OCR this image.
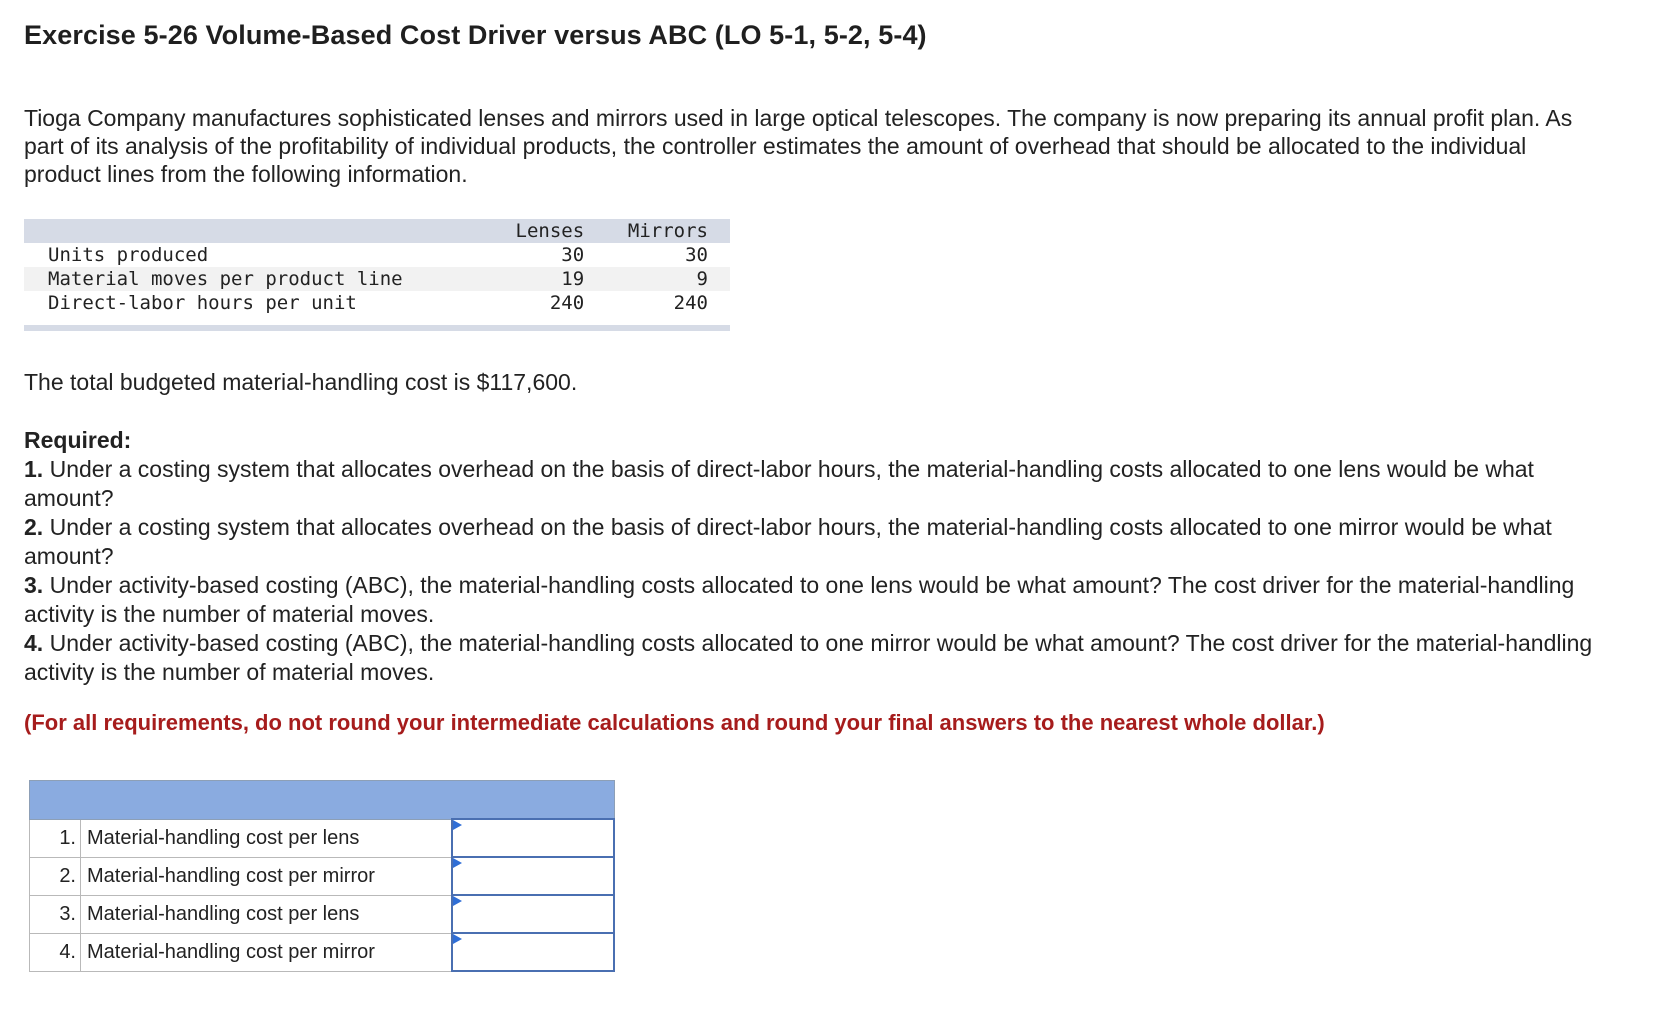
Exercise 5-26 Volume-Based Cost Driver versus ABC (LO 5-1, 5-2, 5-4)
Tioga Company manufactures sophisticated lenses and mirrors used in large optical telescopes. The company is now preparing its annual profit plan. As part of its analysis of the profitability of individual products, the controller estimates the amount of overhead that should be allocated to the individual product lines from the following information.
	Lenses	Mirrors
Units produced	30	30
Material moves per product line	19	9
Direct-labor hours per unit	240	240
The total budgeted material-handling cost is $117,600.
Required:
1. Under a costing system that allocates overhead on the basis of direct-labor hours, the material-handling costs allocated to one lens would be what amount?
2. Under a costing system that allocates overhead on the basis of direct-labor hours, the material-handling costs allocated to one mirror would be what amount?
3. Under activity-based costing (ABC), the material-handling costs allocated to one lens would be what amount? The cost driver for the material-handling activity is the number of material moves.
4. Under activity-based costing (ABC), the material-handling costs allocated to one mirror would be what amount? The cost driver for the material-handling activity is the number of material moves.
(For all requirements, do not round your intermediate calculations and round your final answers to the nearest whole dollar.)

1.	Material-handling cost per lens	

2.	Material-handling cost per mirror	

3.	Material-handling cost per lens	

4.	Material-handling cost per mirror	
